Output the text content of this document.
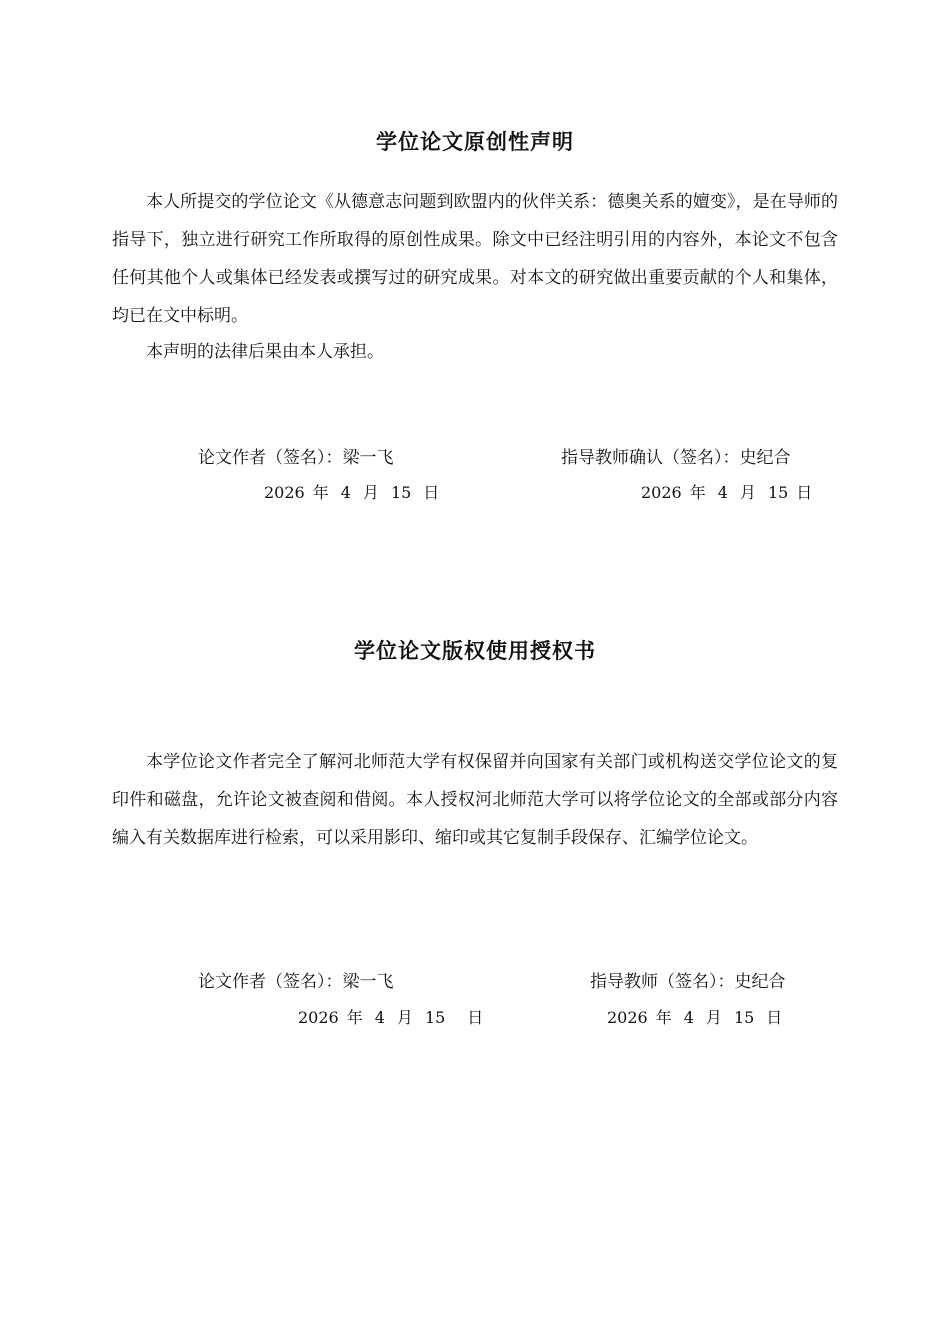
学位论文原创性声明

本人所提交的学位论文《从德意志问题到欧盟内的伙伴关系：德奥关系的嬗变》，是在导师的指导下，独立进行研究工作所取得的原创性成果。除文中已经注明引用的内容外，本论文不包含任何其他个人或集体已经发表或撰写过的研究成果。对本文的研究做出重要贡献的个人和集体，均已在文中标明。

本声明的法律后果由本人承担。

论文作者（签名）：梁一飞	指导教师确认（签名）：史纪合
2026 年 4 月 15 日	2026 年 4 月 15 日
学位论文版权使用授权书

本学位论文作者完全了解河北师范大学有权保留并向国家有关部门或机构送交学位论文的复印件和磁盘，允许论文被查阅和借阅。本人授权河北师范大学可以将学位论文的全部或部分内容编入有关数据库进行检索，可以采用影印、缩印或其它复制手段保存、汇编学位论文。

论文作者（签名）：梁一飞	指导教师（签名）：史纪合
2026 年 4 月 15 日	2026 年 4 月 15 日
